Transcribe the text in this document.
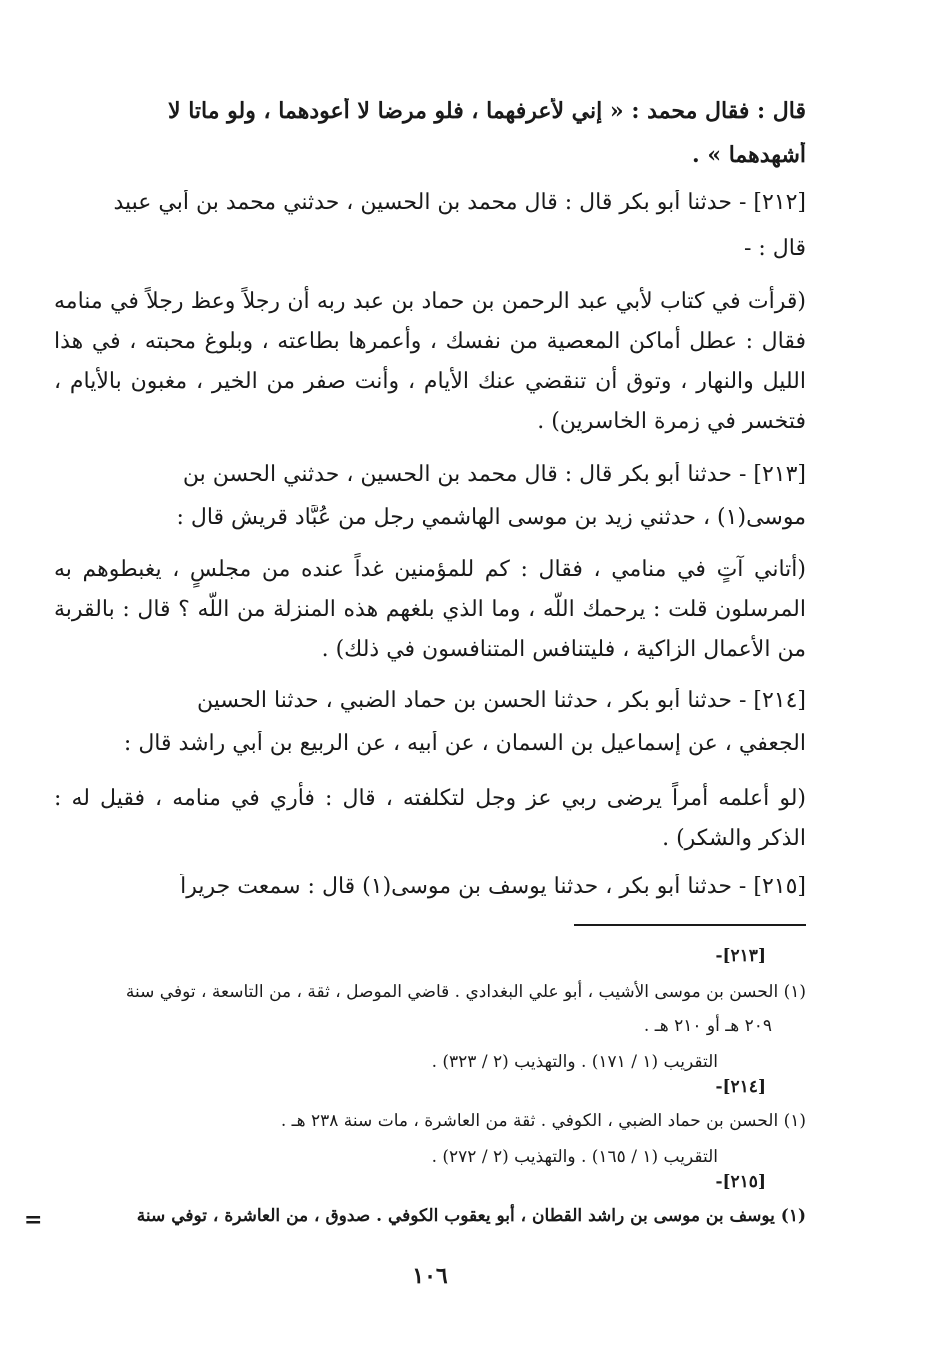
قال : فقال محمد : « إني لأعرفهما ، فلو مرضا لا أعودهما ، ولو ماتا لا
أشهدهما » .
[٢١٢] - حدثنا أبو بكر قال : قال محمد بن الحسين ، حدثني محمد بن أبي عبيد
قال : -
(قرأت في كتاب لأبي عبد الرحمن بن حماد بن عبد ربه أن رجلاً وعظ رجلاً في منامه فقال : عطل أماكن المعصية من نفسك ، وأعمرها بطاعته ، وبلوغ محبته ، في هذا الليل والنهار ، وتوق أن تنقضي عنك الأيام ، وأنت صفر من الخير ، مغبون بالأيام ، فتخسر في زمرة الخاسرين) .
[٢١٣] - حدثنا أبو بكر قال : قال محمد بن الحسين ، حدثني الحسن بن
موسى(١) ، حدثني زيد بن موسى الهاشمي رجل من عُبَّاد قريشٍ قال :
(أتاني آتٍ في منامي ، فقال : كم للمؤمنين غداً عنده من مجلسٍ ، يغبطوهم به المرسلون قلت : يرحمك اللّه ، وما الذي بلغهم هذه المنزلة من اللّه ؟ قال : بالقربة من الأعمال الزاكية ، فليتنافس المتنافسون في ذلك) .
[٢١٤] - حدثنا أبو بكر ، حدثنا الحسن بن حماد الضبي ، حدثنا الحسين
الجعفي ، عن إسماعيل بن السمان ، عن أبيه ، عن الربيع بن أبي راشد قال :
(لو أعلمه أمراً يرضى ربي عز وجل لتكلفته ، قال : فأري في منامه ، فقيل له : الذكر والشكر) .
[٢١٥] - حدثنا أبو بكر ، حدثنا يوسف بن موسى(١) قال : سمعت جريراً
[٢١٣]-
(١) الحسن بن موسى الأشيب ، أبو علي البغدادي . قاضي الموصل ، ثقة ، من التاسعة ، توفي سنة
٢٠٩ هـ أو ٢١٠ هـ .
التقريب (١ / ١٧١) . والتهذيب (٢ / ٣٢٣) .
[٢١٤]-
(١) الحسن بن حماد الضبي ، الكوفي . ثقة من العاشرة ، مات سنة ٢٣٨ هـ .
التقريب (١ / ١٦٥) . والتهذيب (٢ / ٢٧٢) .
[٢١٥]-
(١) يوسف بن موسى بن راشد القطان ، أبو يعقوب الكوفي . صدوق ، من العاشرة ، توفي سنة
=
١٠٦
